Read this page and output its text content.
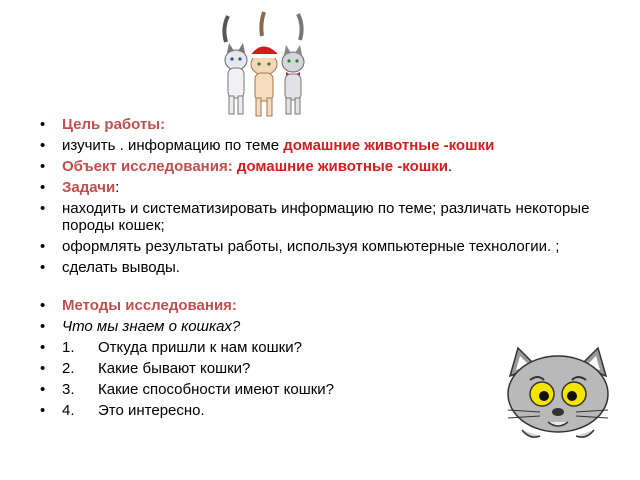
• Цель работы:
• изучить . информацию по теме домашние животные -кошки
• Объект исследования: домашние животные -кошки.
• Задачи:
• находить и систематизировать информацию по теме; различать некоторые породы кошек;
• оформлять результаты работы, используя компьютерные технологии. ;
• сделать выводы.
• Методы исследования:
• Что мы знаем о кошках?
• 1. Откуда пришли к нам кошки?
• 2. Какие бывают кошки?
• 3. Какие способности имеют кошки?
• 4. Это интересно.
